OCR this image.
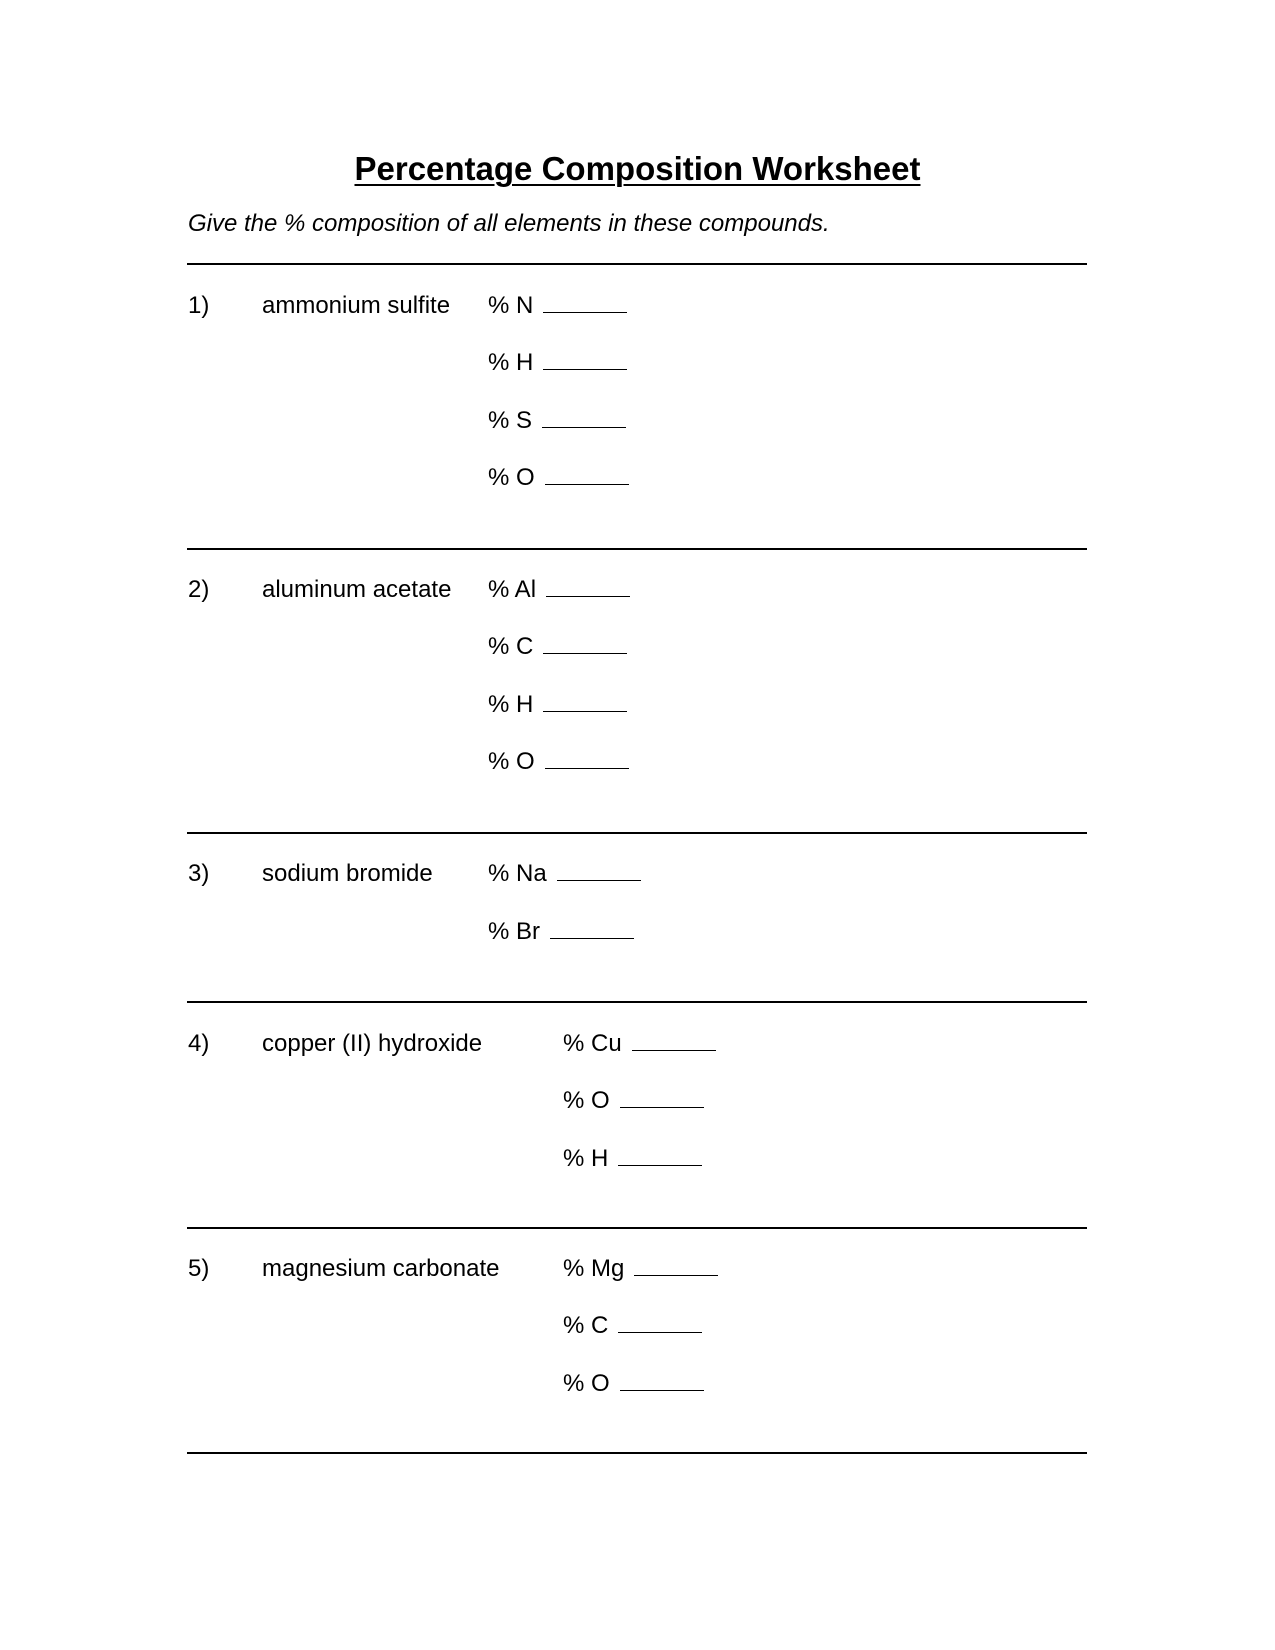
Percentage Composition Worksheet
Give the % composition of all elements in these compounds.
1) ammonium sulfite % N
% H
% S
% O
2) aluminum acetate % Al
% C
% H
% O
3) sodium bromide % Na
% Br
4) copper (II) hydroxide	% Cu
% O
% H
5) magnesium carbonate	% Mg
% C
% O
